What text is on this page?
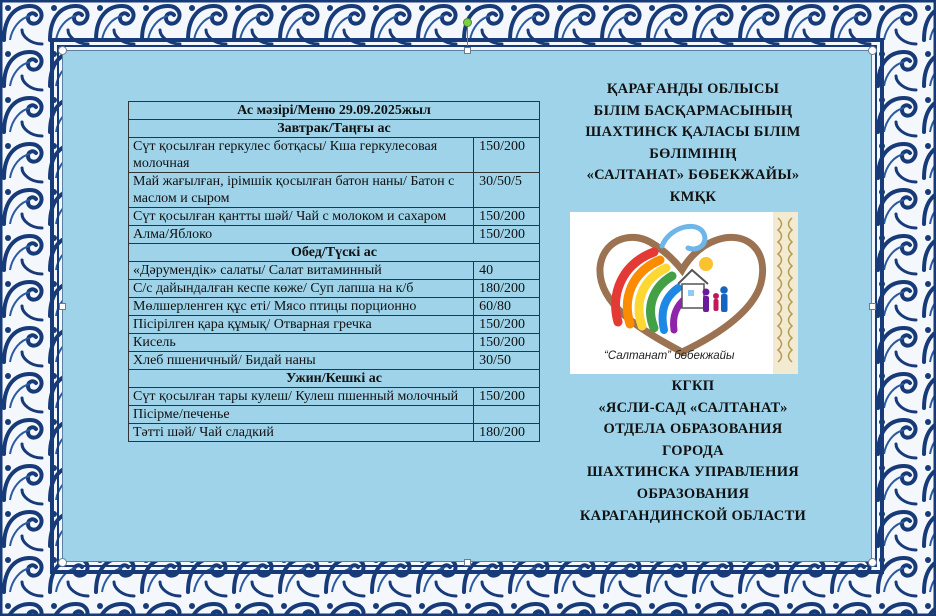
Ас мәзірі/Меню 29.09.2025жыл	
Завтрак/Таңғы ас	
Сүт қосылған геркулес ботқасы/ Кша геркулесовая молочная	150/200
Май жағылған, ірімшік қосылған батон наны/ Батон с маслом и сыром	30/50/5
Сүт қосылған қантты шәй/ Чай с молоком и сахаром	150/200
Алма/Яблоко	150/200
Обед/Түскі ас	
«Дәрумендік» салаты/ Салат витаминный	40
С/с дайындалған кеспе көже/ Суп лапша на к/б	180/200
Мөлшерленген құс еті/ Мясо птицы порционно	60/80
Пісірілген қара құмық/ Отварная гречка	150/200
Кисель	150/200
Хлеб пшеничный/ Бидай наны	30/50
Ужин/Кешкі ас	
Сүт қосылған тары кулеш/ Кулеш пшенный молочный	150/200
Пісірме/печенье	
Тәтті шәй/ Чай сладкий	180/200
ҚАРАҒАНДЫ ОБЛЫСЫ
БІЛІМ БАСҚАРМАСЫНЫҢ
ШАХТИНСК ҚАЛАСЫ БІЛІМ
БӨЛІМІНІҢ
«САЛТАНАТ» БӨБЕКЖАЙЫ»
КМҚК
“Салтанат” бөбекжайы
КГКП
«ЯСЛИ-САД «САЛТАНАТ»
ОТДЕЛА ОБРАЗОВАНИЯ
ГОРОДА
ШАХТИНСКА УПРАВЛЕНИЯ
ОБРАЗОВАНИЯ
КАРАГАНДИНСКОЙ ОБЛАСТИ
